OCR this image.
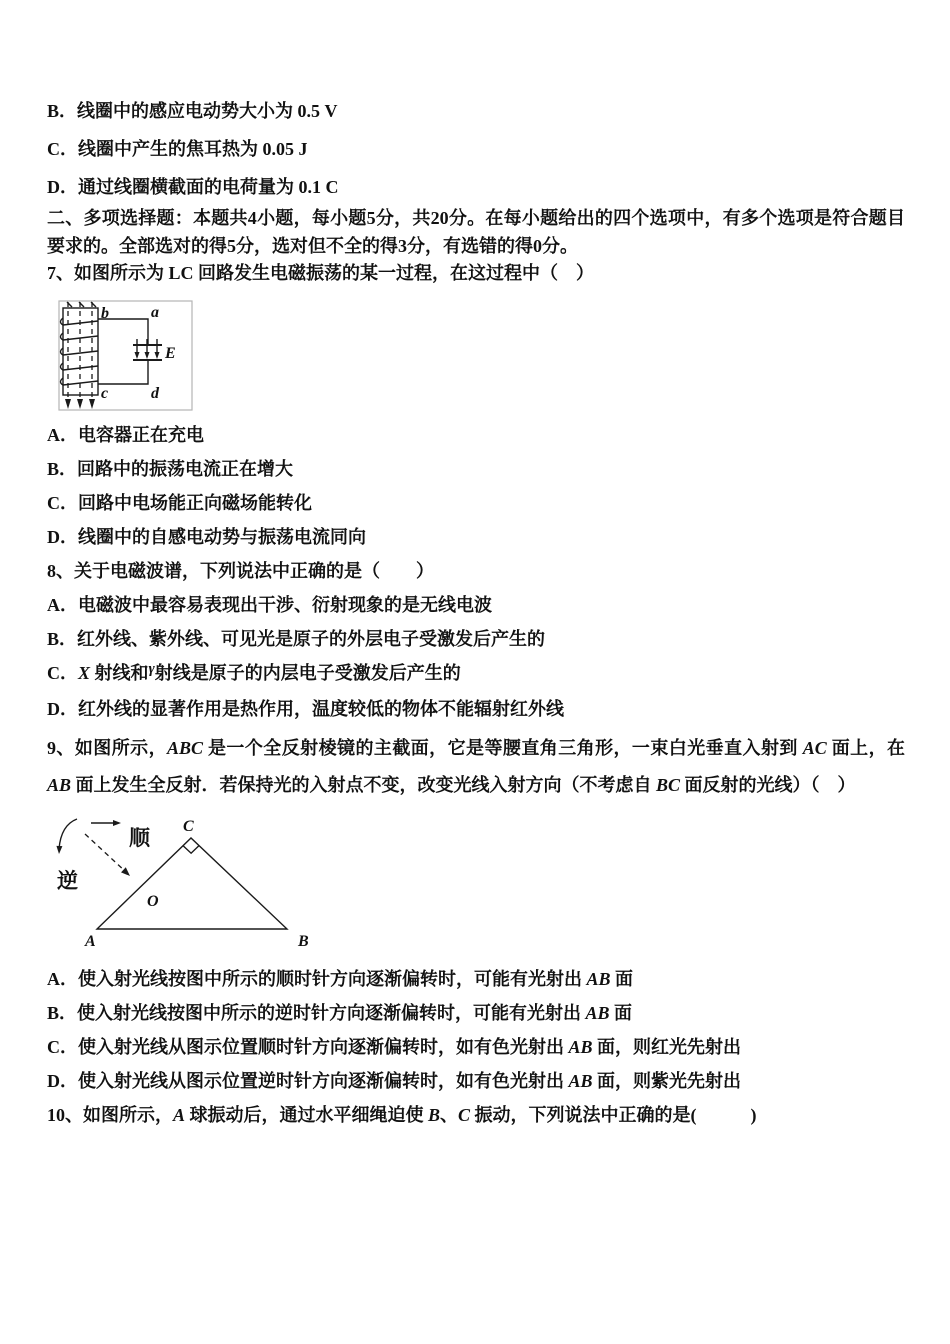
B．线圈中的感应电动势大小为 0.5 V

C．线圈中产生的焦耳热为 0.05 J

D．通过线圈横截面的电荷量为 0.1 C

二、多项选择题：本题共4小题，每小题5分，共20分。在每小题给出的四个选项中，有多个选项是符合题目要求的。全部选对的得5分，选对但不全的得3分，有选错的得0分。

7、如图所示为 LC 回路发生电磁振荡的某一过程，在这过程中（　）

b	a
c	d
E

A．电容器正在充电

B．回路中的振荡电流正在增大

C．回路中电场能正向磁场能转化

D．线圈中的自感电动势与振荡电流同向

8、关于电磁波谱，下列说法中正确的是（　　）

A．电磁波中最容易表现出干涉、衍射现象的是无线电波

B．红外线、紫外线、可见光是原子的外层电子受激发后产生的

C．X 射线和$^\gamma$射线是原子的内层电子受激发后产生的

D．红外线的显著作用是热作用，温度较低的物体不能辐射红外线

9、如图所示，ABC 是一个全反射棱镜的主截面，它是等腰直角三角形，一束白光垂直入射到 AC 面上，在 AB 面上发生全反射．若保持光的入射点不变，改变光线入射方向（不考虑自 BC 面反射的光线）（　）

顺
逆
C
A	B
O

A．使入射光线按图中所示的顺时针方向逐渐偏转时，可能有光射出 AB 面

B．使入射光线按图中所示的逆时针方向逐渐偏转时，可能有光射出 AB 面

C．使入射光线从图示位置顺时针方向逐渐偏转时，如有色光射出 AB 面，则红光先射出

D．使入射光线从图示位置逆时针方向逐渐偏转时，如有色光射出 AB 面，则紫光先射出

10、如图所示，A 球振动后，通过水平细绳迫使 B、C 振动，下列说法中正确的是(　　　)
